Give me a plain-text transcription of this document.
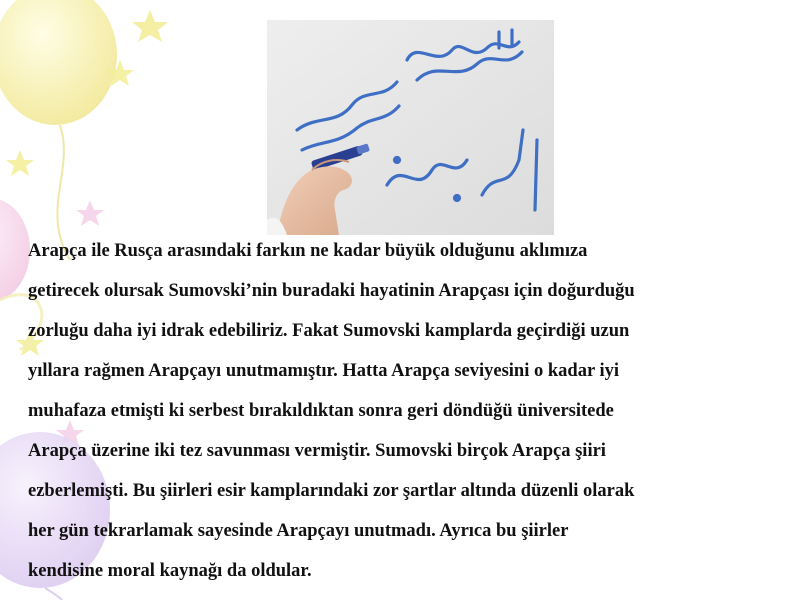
Arapça ile Rusça arasındaki farkın ne kadar büyük olduğunu aklımıza
getirecek olursak Sumovski’nin buradaki hayatinin Arapçası için doğurduğu
zorluğu daha iyi idrak edebiliriz. Fakat Sumovski kamplarda geçirdiği uzun
yıllara rağmen Arapçayı unutmamıştır. Hatta Arapça seviyesini o kadar iyi
muhafaza etmişti ki serbest bırakıldıktan sonra geri döndüğü üniversitede
Arapça üzerine iki tez savunması vermiştir. Sumovski birçok Arapça şiiri
ezberlemişti. Bu şiirleri esir kamplarındaki zor şartlar altında düzenli olarak
her gün tekrarlamak sayesinde Arapçayı unutmadı. Ayrıca bu şiirler
kendisine moral kaynağı da oldular.
